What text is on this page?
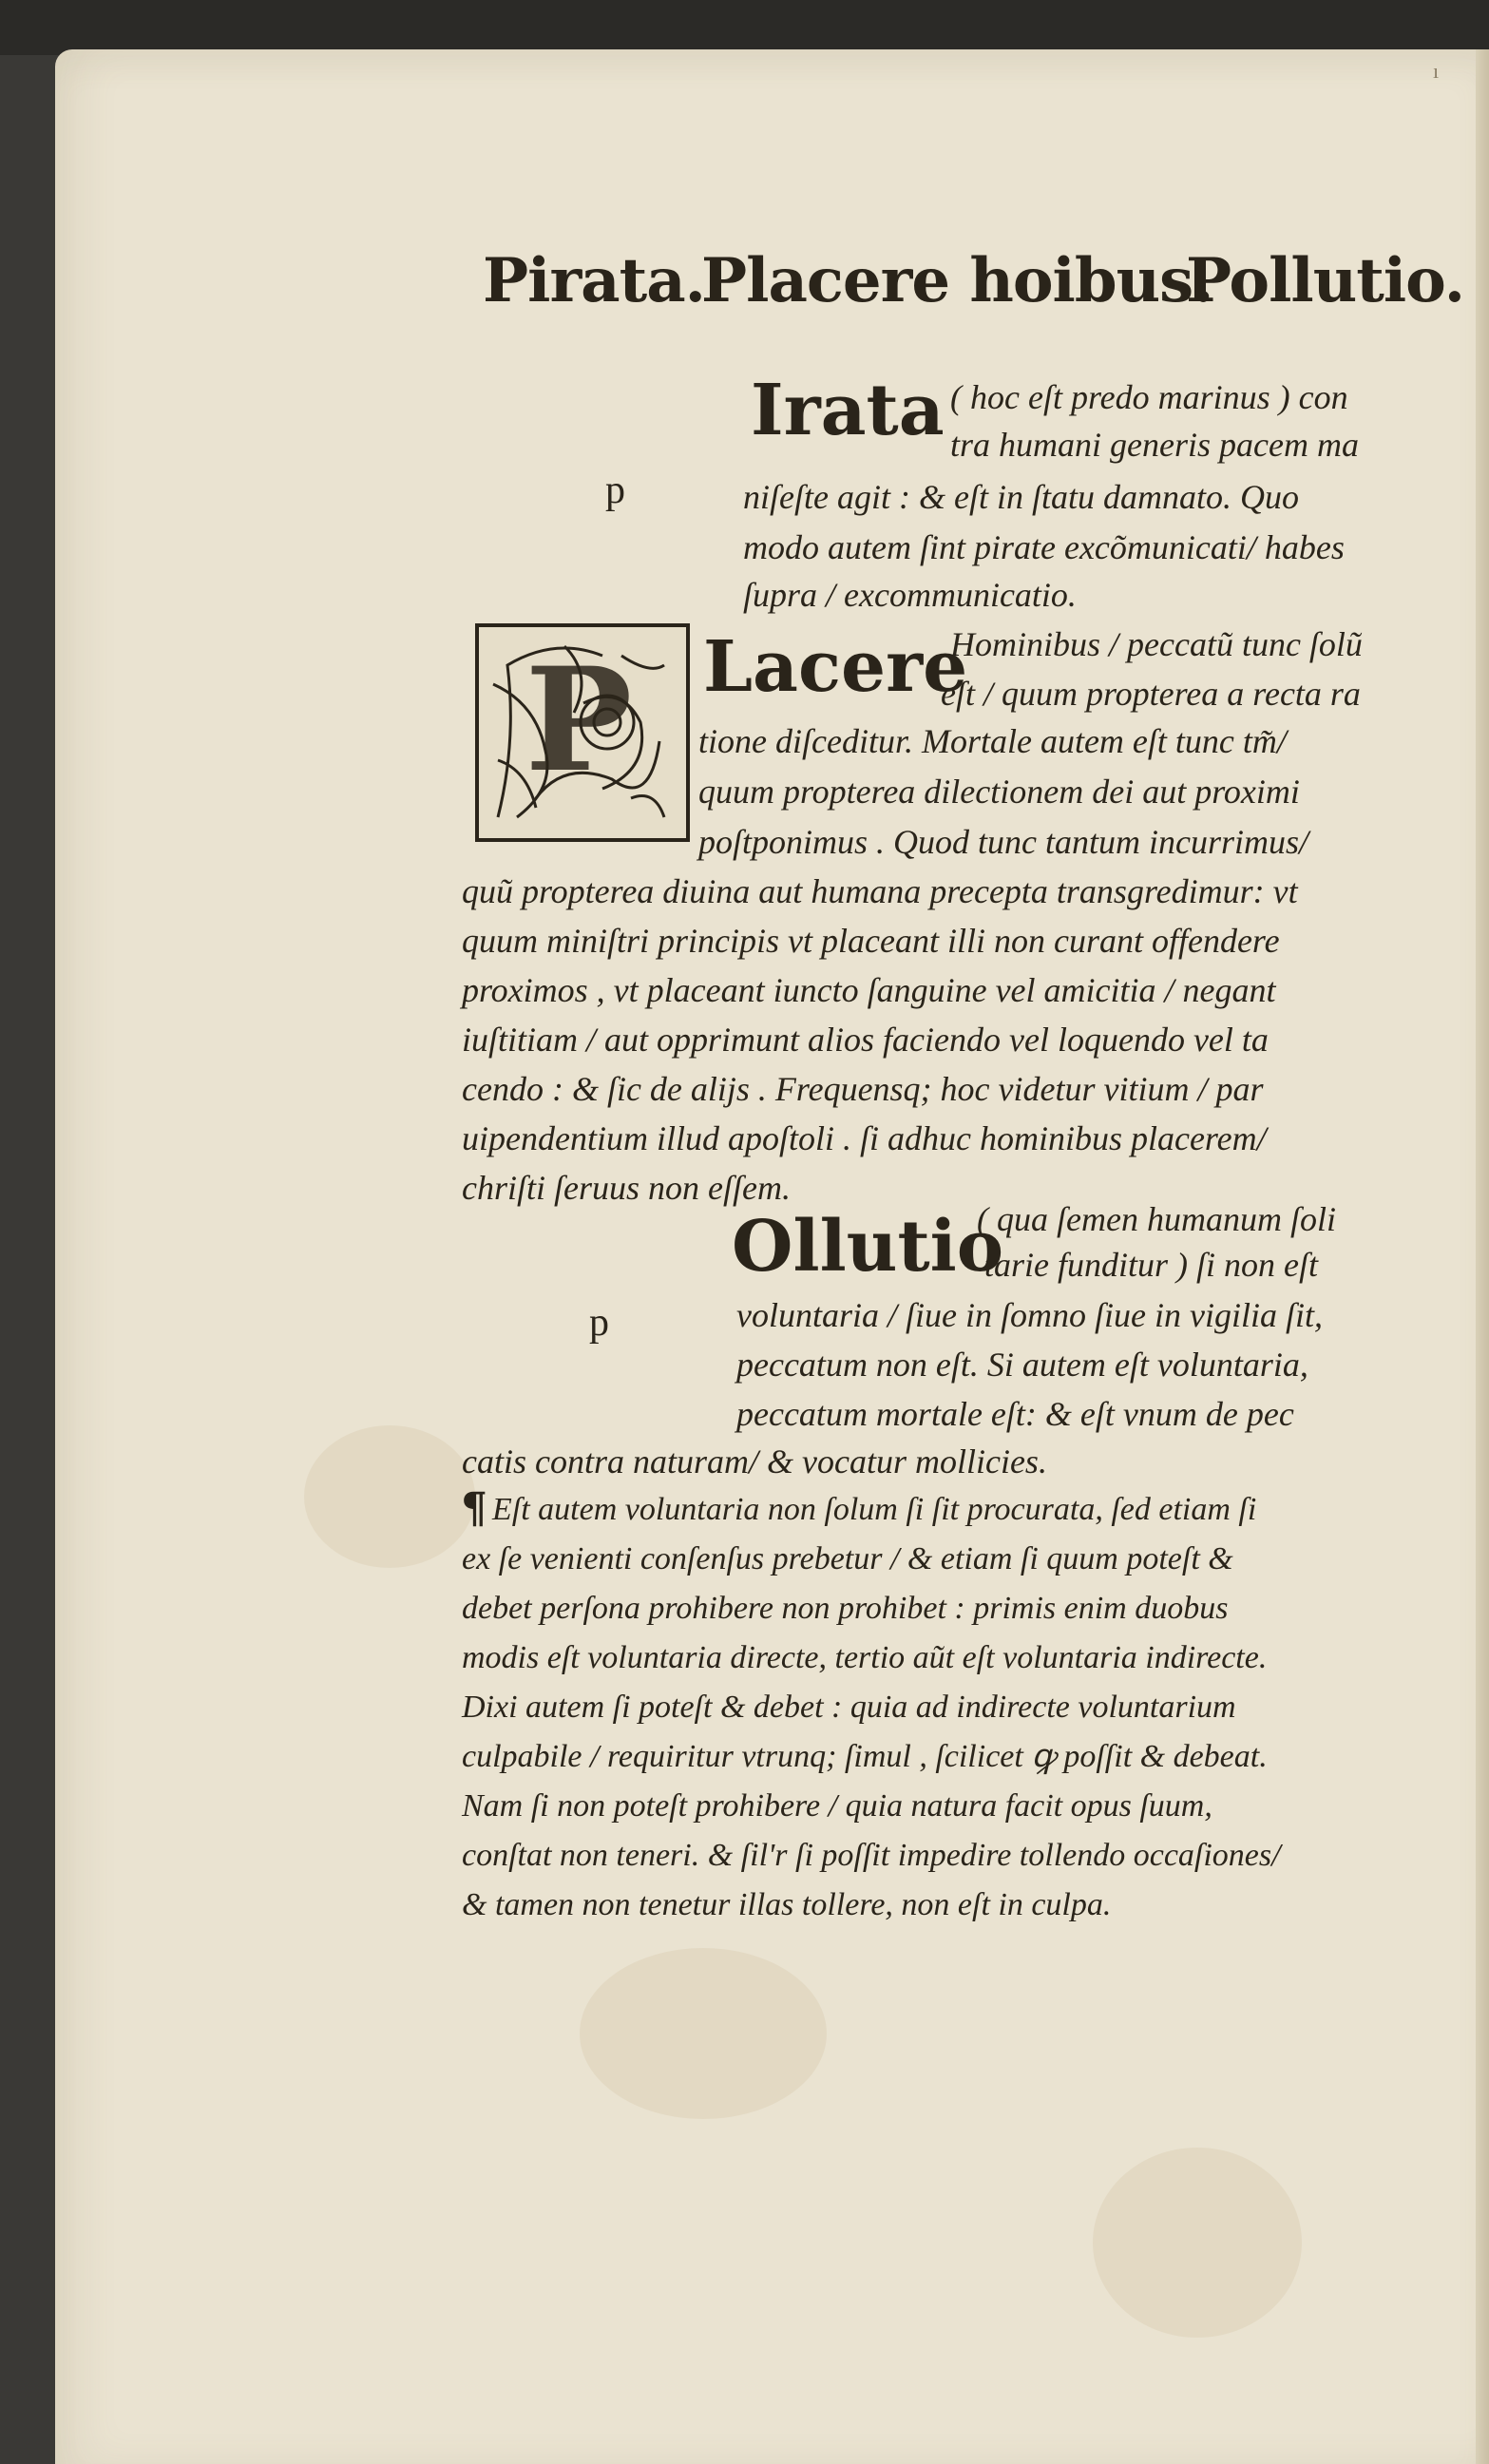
ı
Pirata.
Placere hoibus.
Pollutio.
Irata
p
( hoc eſt predo marinus ) con
tra humani generis pacem ma
niſeſte agit : & eſt in ſtatu damnato. Quo
modo autem ſint pirate excõmunicati/ habes
ſupra / excommunicatio.
P Lacere
Hominibus / peccatũ tunc ſolũ
eſt / quum propterea a recta ra
tione diſceditur. Mortale autem eſt tunc tm̃/
quum propterea dilectionem dei aut proximi
poſtponimus . Quod tunc tantum incurrimus/
quũ propterea diuina aut humana precepta transgredimur: vt
quum miniſtri principis vt placeant illi non curant offendere
proximos , vt placeant iuncto ſanguine vel amicitia / negant
iuſtitiam / aut opprimunt alios faciendo vel loquendo vel ta
cendo : & ſic de alijs . Frequensq; hoc videtur vitium / par
uipendentium illud apoſtoli . ſi adhuc hominibus placerem/
chriſti ſeruus non eſſem.
Ollutio
p
( qua ſemen humanum ſoli
tarie funditur ) ſi non eſt
voluntaria / ſiue in ſomno ſiue in vigilia ſit,
peccatum non eſt. Si autem eſt voluntaria,
peccatum mortale eſt: & eſt vnum de pec
catis contra naturam/ & vocatur mollicies.
¶ Eſt autem voluntaria non ſolum ſi ſit procurata, ſed etiam ſi
ex ſe venienti conſenſus prebetur / & etiam ſi quum poteſt &
debet perſona prohibere non prohibet : primis enim duobus
modis eſt voluntaria directe, tertio aũt eſt voluntaria indirecte.
Dixi autem ſi poteſt & debet : quia ad indirecte voluntarium
culpabile / requiritur vtrunq; ſimul , ſcilicet ꝙ poſſit & debeat.
Nam ſi non poteſt prohibere / quia natura facit opus ſuum,
conſtat non teneri. & ſil'r ſi poſſit impedire tollendo occaſiones/
& tamen non tenetur illas tollere, non eſt in culpa.
